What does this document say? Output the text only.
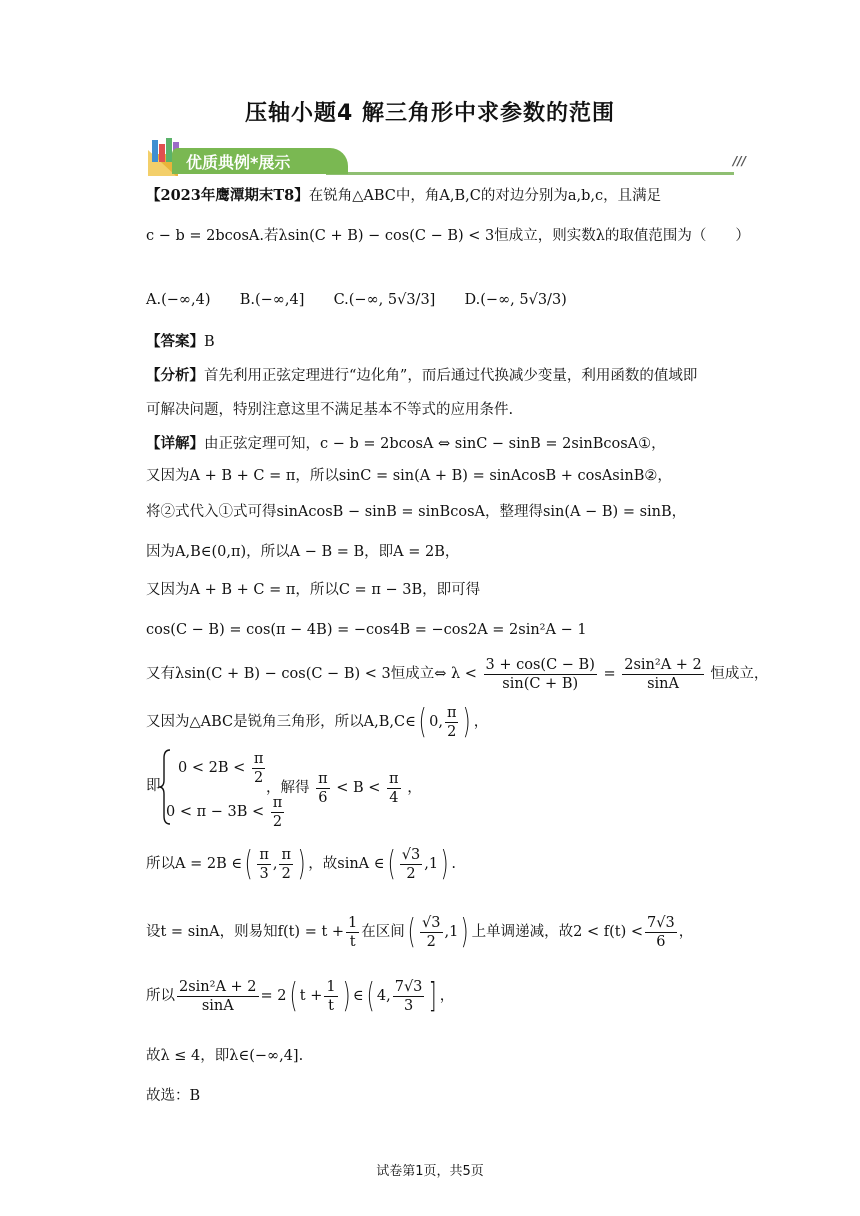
压轴小题4 解三角形中求参数的范围
优质典例*展示	///
【2023年鹰潭期末T8】在锐角△ABC中，角A,B,C的对边分别为a,b,c，且满足
c − b = 2bcosA.若λsin(C + B) − cos(C − B) < 3恒成立，则实数λ的取值范围为（　　）
A.(−∞,4) B.(−∞,4] C.(−∞, 5√3/3] D.(−∞, 5√3/3)
【答案】B
【分析】首先利用正弦定理进行“边化角”，而后通过代换减少变量，利用函数的值域即
可解决问题，特别注意这里不满足基本不等式的应用条件.
【详解】由正弦定理可知，c − b = 2bcosA ⇔ sinC − sinB = 2sinBcosA①，
又因为A + B + C = π，所以sinC = sin(A + B) = sinAcosB + cosAsinB②，
将②式代入①式可得sinAcosB − sinB = sinBcosA，整理得sin(A − B) = sinB，
因为A,B∈(0,π)，所以A − B = B，即A = 2B，
又因为A + B + C = π，所以C = π − 3B，即可得
cos(C − B) = cos(π − 4B) = −cos4B = −cos2A = 2sin²A − 1
又有λsin(C + B) − cos(C − B) < 3恒成立⇔ $\lambda < \frac{3 + \cos(C - B)}{\sin(C + B)} = \frac{\text{2sin²A + 2}}{\sin A}$ 恒成立，
又因为△ABC是锐角三角形，所以A,B,C∈( 0, $\frac{\pi}{2}$ ) ，
即
$0 < 2B < \frac{\pi}{2}$
$0 < \pi - 3B < \frac{\pi}{2}$
，解得 $\frac{\pi}{6} < B < \frac{\pi}{4}$ ，
所以A = 2B ∈( $\frac{\pi}{3}$ , $\frac{\pi}{2}$ ) ，故sinA ∈( $\frac{√3}{2} ,1$) .
设t = sinA，则易知$f(t) = t + \frac{1}{t}$ 在区间( $\frac{√3}{2} ,1$) 上单调递减，故$2 < f(t) < \frac{7√3}{6}$ ，
所以 $\frac{\text{2sin²A + 2}}{\sin A} = 2$( $t + \frac{1}{t}$ ) ∈( 4, $\frac{7√3}{3}$ ] ，
故λ ≤ 4，即λ∈(−∞,4].
故选：B
试卷第1页，共5页
